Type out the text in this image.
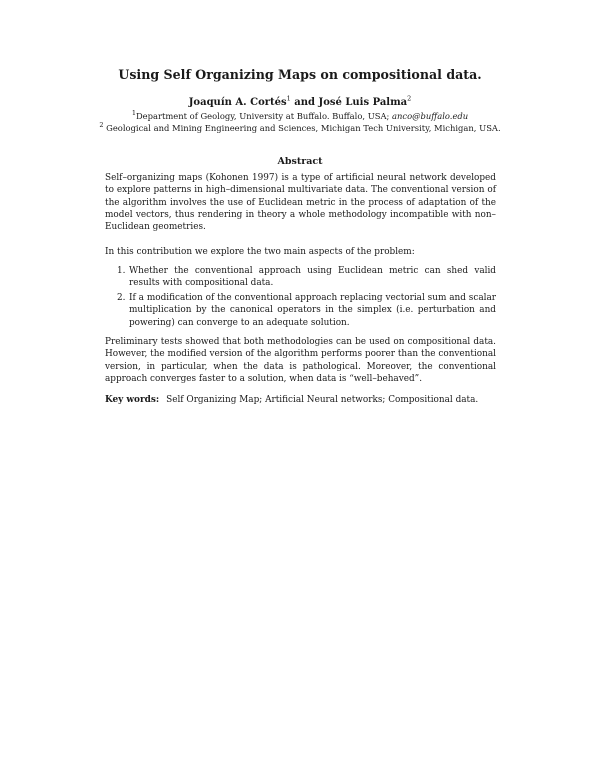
Using Self Organizing Maps on compositional data.
Joaquín A. Cortés$^1$ and José Luis Palma$^2$
$^1$Department of Geology, University at Buffalo. Buffalo, USA; anco@buffalo.edu
$^2$ Geological and Mining Engineering and Sciences, Michigan Tech University, Michigan, USA.
Abstract
Self–organizing maps (Kohonen 1997) is a type of artificial neural network developed to explore patterns in high–dimensional multivariate data. The conventional version of the algorithm involves the use of Euclidean metric in the process of adaptation of the model vectors, thus rendering in theory a whole methodology incompatible with non–Euclidean geometries.
In this contribution we explore the two main aspects of the problem:
1. Whether the conventional approach using Euclidean metric can shed valid results with compositional data.
2. If a modification of the conventional approach replacing vectorial sum and scalar multiplication by the canonical operators in the simplex (i.e. perturbation and powering) can converge to an adequate solution.
Preliminary tests showed that both methodologies can be used on compositional data. However, the modified version of the algorithm performs poorer than the conventional version, in particular, when the data is pathological. Moreover, the conventional approach converges faster to a solution, when data is “well–behaved”.
Key words: Self Organizing Map; Artificial Neural networks; Compositional data.
